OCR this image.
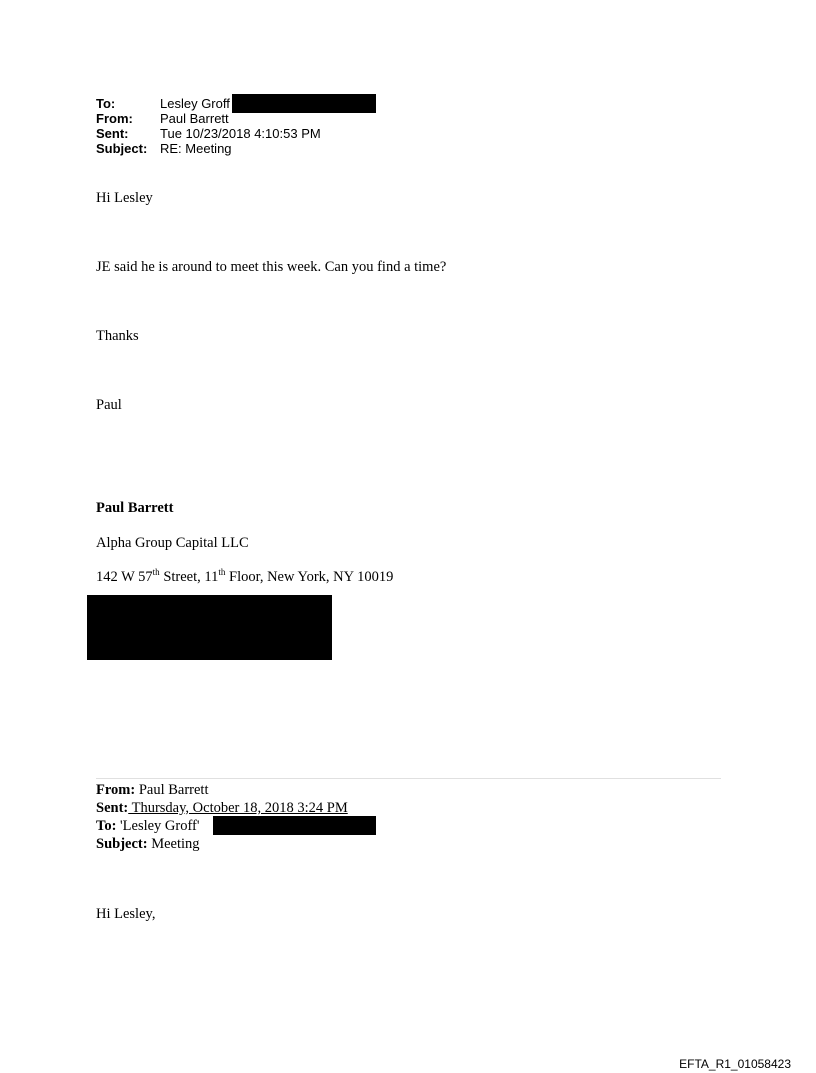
To:	Lesley Groff
From:	Paul Barrett
Sent:	Tue 10/23/2018 4:10:53 PM
Subject: RE: Meeting
Hi Lesley
JE said he is around to meet this week. Can you find a time?
Thanks
Paul
Paul Barrett
Alpha Group Capital LLC
142 W 57th Street, 11th Floor, New York, NY 10019
From: Paul Barrett
Sent: Thursday, October 18, 2018 3:24 PM
To: 'Lesley Groff'
Subject: Meeting
Hi Lesley,
EFTA_R1_01058423
